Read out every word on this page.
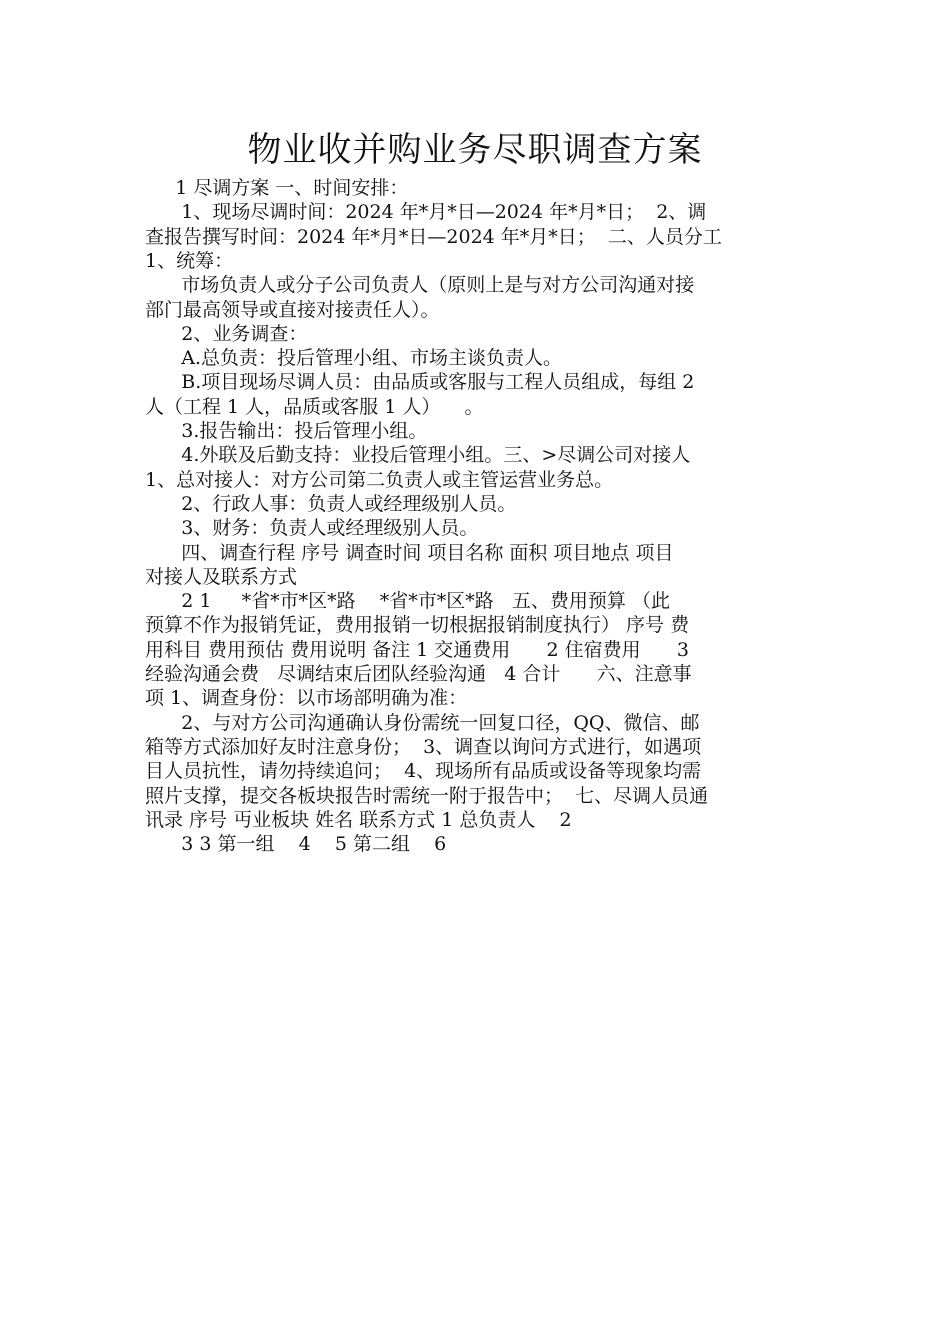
物业收并购业务尽职调查方案

1 尽调方案 一、时间安排：

1、现场尽调时间：2024 年*月*日—2024 年*月*日；  2、调

查报告撰写时间：2024 年*月*日—2024 年*月*日；  二、人员分工

1、统筹：

市场负责人或分子公司负责人（原则上是与对方公司沟通对接

部门最高领导或直接对接责任人）。

2、业务调查：

A.总负责：投后管理小组、市场主谈负责人。

B.项目现场尽调人员：由品质或客服与工程人员组成，每组 2

人（工程 1 人，品质或客服 1 人）    。

3.报告输出：投后管理小组。

4.外联及后勤支持：业投后管理小组。三、>尽调公司对接人

1、总对接人：对方公司第二负责人或主管运营业务总。

2、行政人事：负责人或经理级别人员。

3、财务：负责人或经理级别人员。

四、调查行程 序号 调查时间 项目名称 面积 项目地点 项目

对接人及联系方式

2 1     *省*市*区*路    *省*市*区*路   五、费用预算 （此

预算不作为报销凭证，费用报销一切根据报销制度执行） 序号 费

用科目 费用预估 费用说明 备注 1 交通费用      2 住宿费用      3

经验沟通会费   尽调结束后团队经验沟通   4 合计      六、注意事

项 1、调查身份：以市场部明确为准：

2、与对方公司沟通确认身份需统一回复口径，QQ、微信、邮

箱等方式添加好友时注意身份；  3、调查以询问方式进行，如遇项

目人员抗性，请勿持续追问；  4、现场所有品质或设备等现象均需

照片支撑，提交各板块报告时需统一附于报告中；  七、尽调人员通

讯录 序号 丏业板块 姓名 联系方式 1 总负责人    2

3 3 第一组    4    5 第二组    6
